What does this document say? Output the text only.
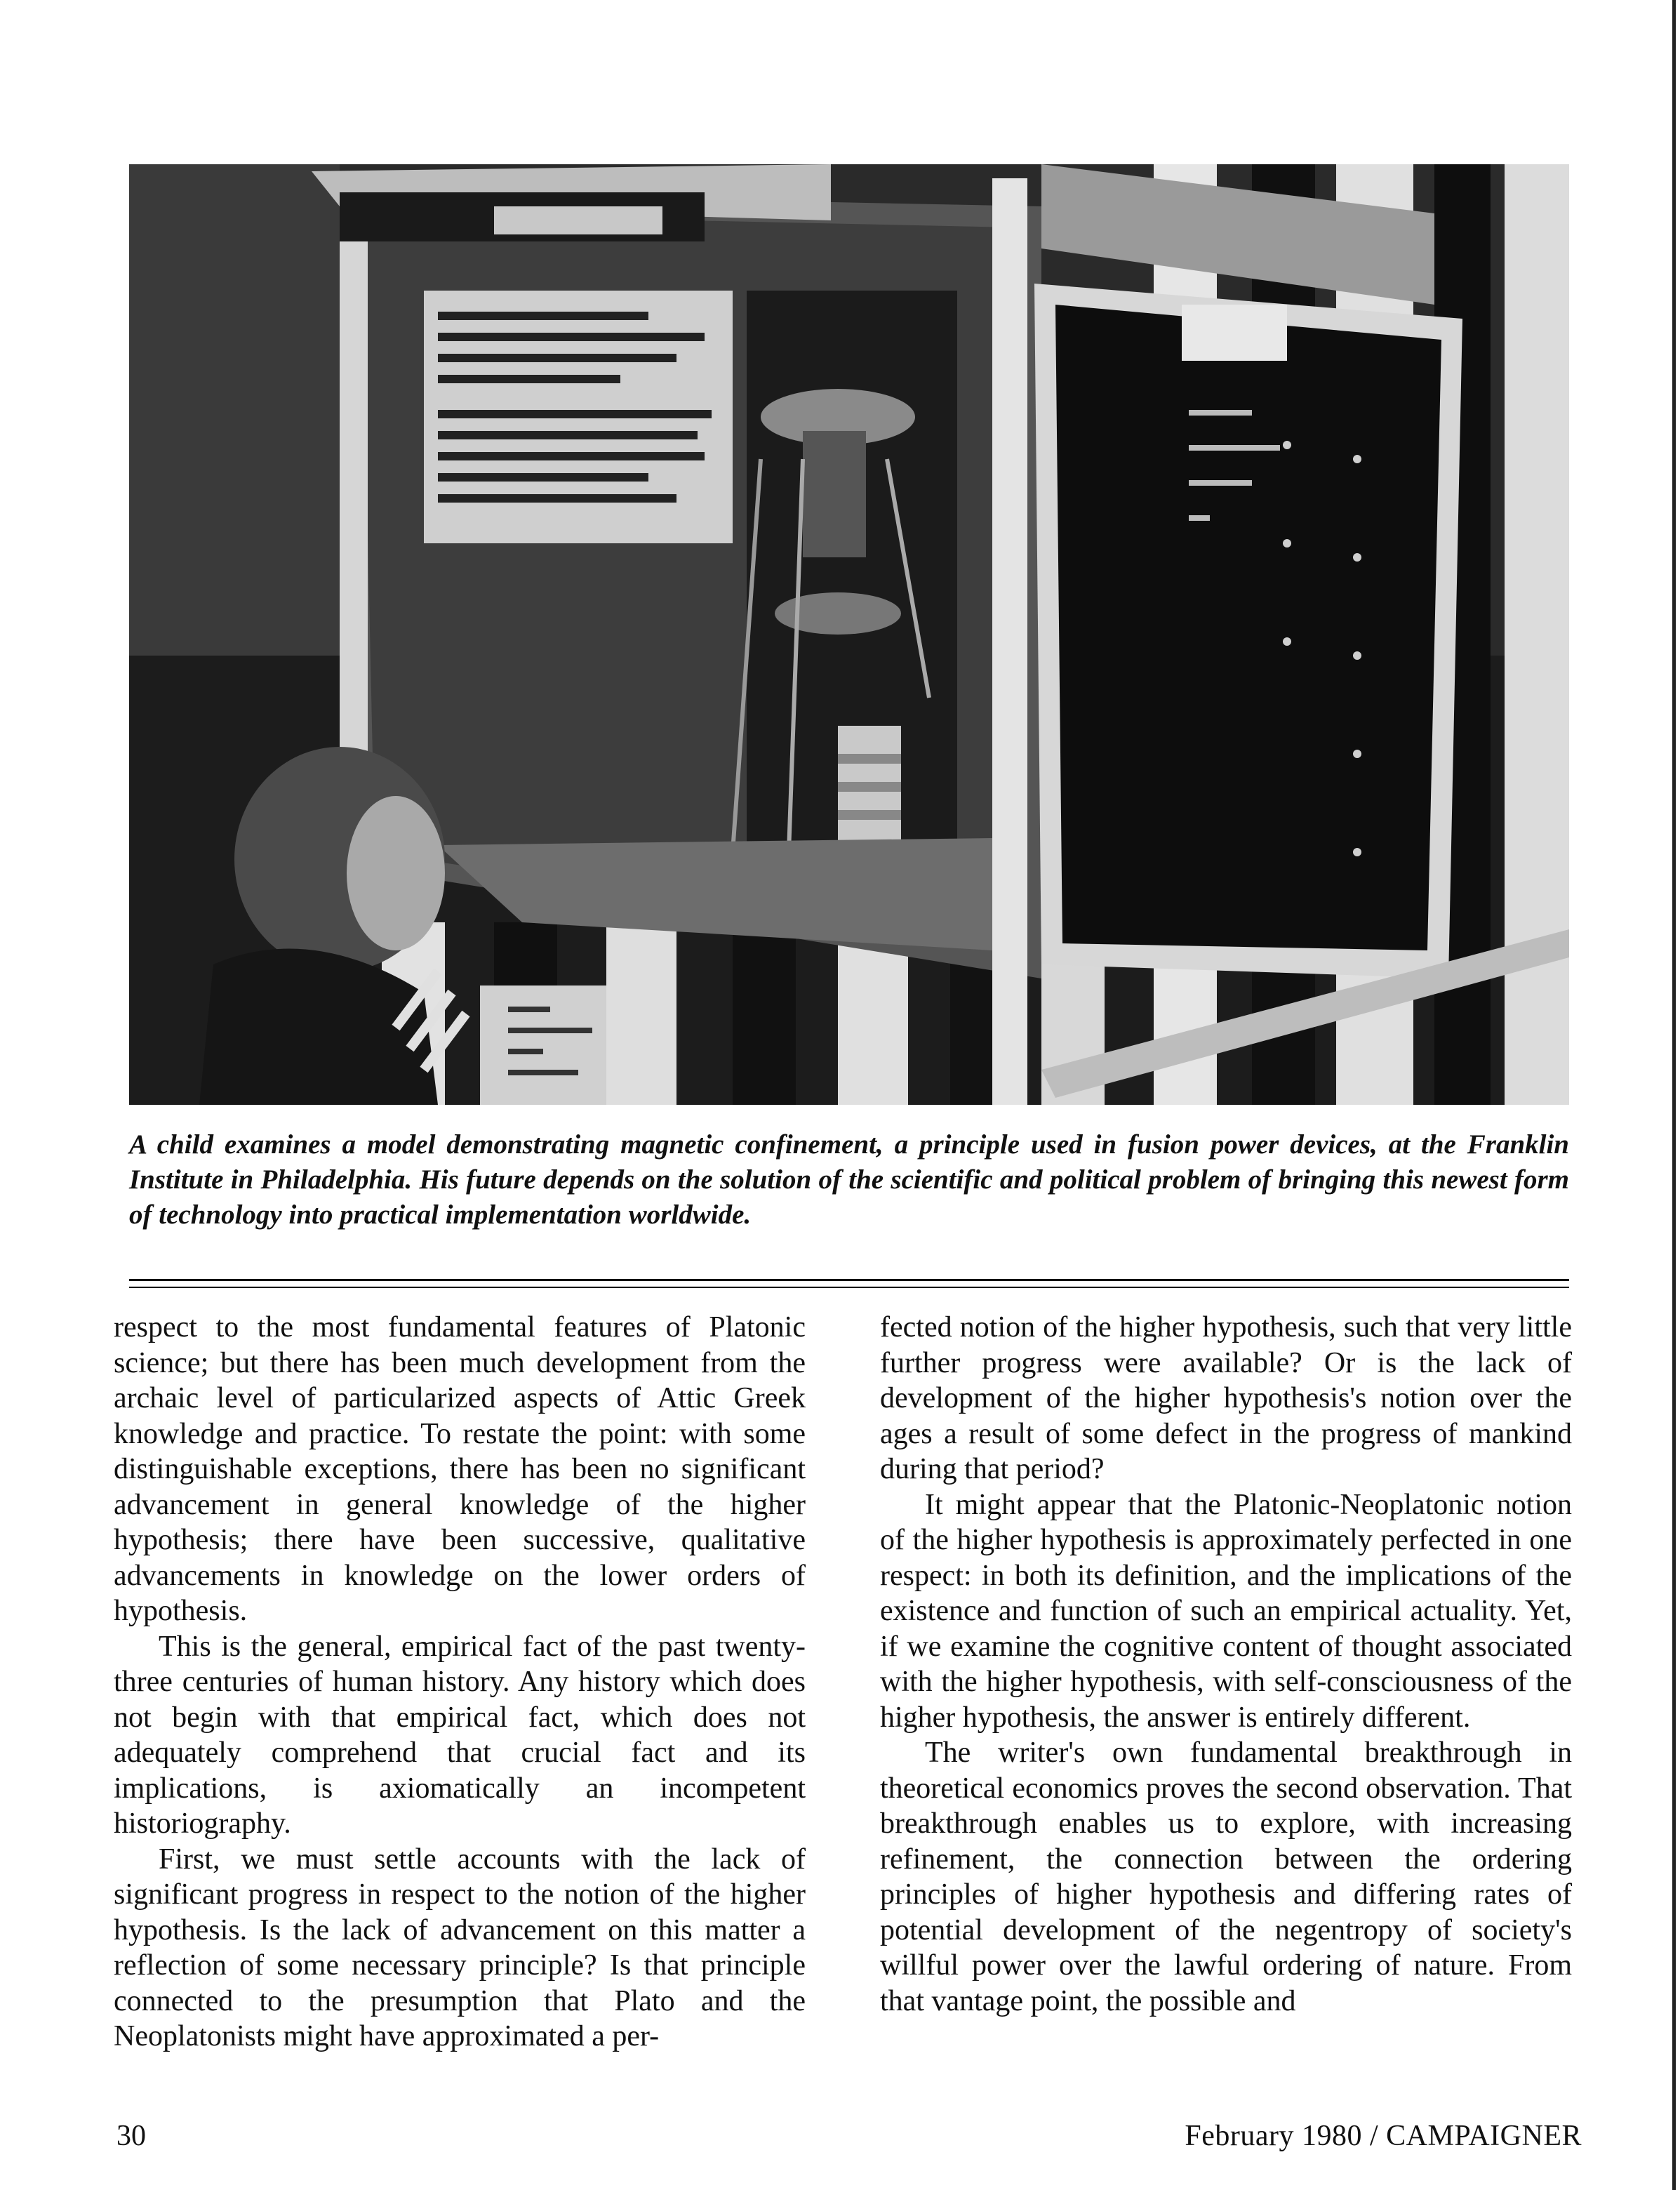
A child examines a model demonstrating magnetic confinement, a principle used in fusion power devices, at the Franklin Institute in Philadelphia. His future depends on the solution of the scientific and political problem of bringing this newest form of technology into practical implementation worldwide.

respect to the most fundamental features of Platonic science; but there has been much development from the archaic level of particularized aspects of Attic Greek knowledge and practice. To restate the point: with some distinguishable exceptions, there has been no significant advancement in general knowledge of the higher hypothesis; there have been successive, qualitative advancements in knowledge on the lower orders of hypothesis.

This is the general, empirical fact of the past twenty-three centuries of human history. Any history which does not begin with that empirical fact, which does not adequately comprehend that crucial fact and its implications, is axiomatically an incompetent historiography.

First, we must settle accounts with the lack of significant progress in respect to the notion of the higher hypothesis. Is the lack of advancement on this matter a reflection of some necessary principle? Is that principle connected to the presumption that Plato and the Neoplatonists might have approximated a per-

fected notion of the higher hypothesis, such that very little further progress were available? Or is the lack of development of the higher hypothesis's notion over the ages a result of some defect in the progress of mankind during that period?

It might appear that the Platonic-Neoplatonic notion of the higher hypothesis is approximately perfected in one respect: in both its definition, and the implications of the existence and function of such an empirical actuality. Yet, if we examine the cognitive content of thought associated with the higher hypothesis, with self-consciousness of the higher hypothesis, the answer is entirely different.

The writer's own fundamental breakthrough in theoretical economics proves the second observation. That breakthrough enables us to explore, with increasing refinement, the connection between the ordering principles of higher hypothesis and differing rates of potential development of the negentropy of society's willful power over the lawful ordering of nature. From that vantage point, the possible and

30	February 1980 / CAMPAIGNER
